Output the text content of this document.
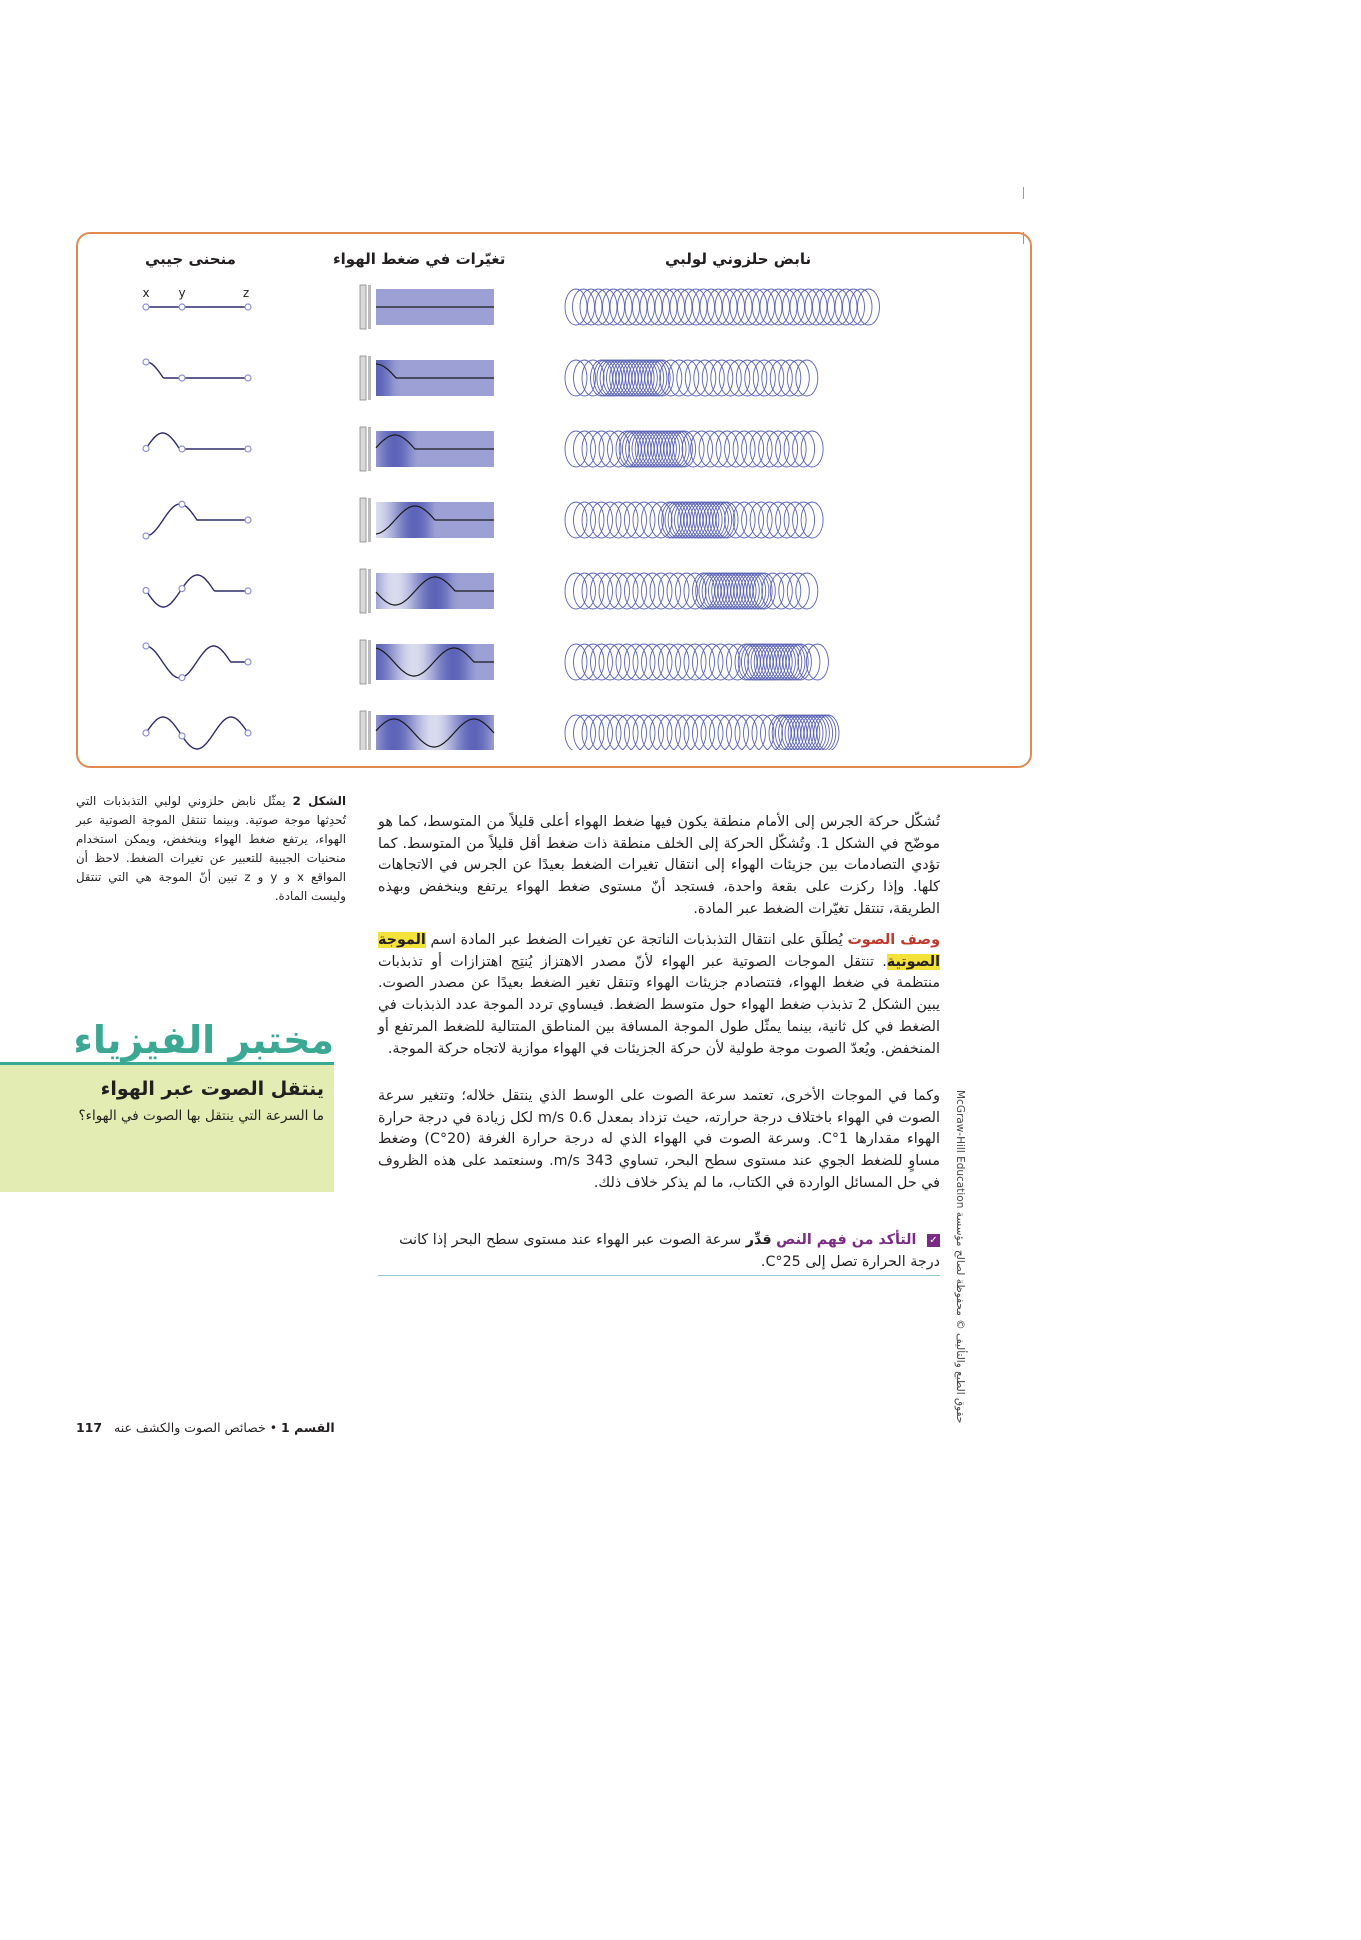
منحنى جيبي	تغيّرات في ضغط الهواء	نابض حلزوني لولبي
x y	z
الشكل 2 يمثّل نابض حلزوني لولبي التذبذبات التي تُحدِثها موجة صوتية. وبينما تنتقل الموجة الصوتية عبر الهواء، يرتفع ضغط الهواء وينخفض، ويمكن استخدام منحنيات الجيبية للتعبير عن تغيرات الضغط. لاحظ أن المواقع x و y و z تبين أنّ الموجة هي التي تنتقل وليست المادة.
مختبر الفيزياء
ينتقل الصوت عبر الهواء
ما السرعة التي ينتقل بها الصوت في الهواء؟
تُشكّل حركة الجرس إلى الأمام منطقة يكون فيها ضغط الهواء أعلى قليلاً من المتوسط، كما هو موضّح في الشكل 1. وتُشكّل الحركة إلى الخلف منطقة ذات ضغط أقل قليلاً من المتوسط. كما تؤدي التصادمات بين جزيئات الهواء إلى انتقال تغيرات الضغط بعيدًا عن الجرس في الاتجاهات كلها. وإذا ركزت على بقعة واحدة، فستجد أنّ مستوى ضغط الهواء يرتفع وينخفض وبهذه الطريقة، تنتقل تغيّرات الضغط عبر المادة.
وصف الصوت يُطلَق على انتقال التذبذبات الناتجة عن تغيرات الضغط عبر المادة اسم الموجة الصوتية. تنتقل الموجات الصوتية عبر الهواء لأنّ مصدر الاهتزاز يُنتِج اهتزازات أو تذبذبات منتظمة في ضغط الهواء، فتتصادم جزيئات الهواء وتنقل تغير الضغط بعيدًا عن مصدر الصوت. يبين الشكل 2 تذبذب ضغط الهواء حول متوسط الضغط. فيساوي تردد الموجة عدد الذبذبات في الضغط في كل ثانية، بينما يمثّل طول الموجة المسافة بين المناطق المتتالية للضغط المرتفع أو المنخفض. ويُعدّ الصوت موجة طولية لأن حركة الجزيئات في الهواء موازية لاتجاه حركة الموجة.
وكما في الموجات الأخرى، تعتمد سرعة الصوت على الوسط الذي ينتقل خلاله؛ وتتغير سرعة الصوت في الهواء باختلاف درجة حرارته، حيث تزداد بمعدل 0.6 m/s لكل زيادة في درجة حرارة الهواء مقدارها 1°C. وسرعة الصوت في الهواء الذي له درجة حرارة الغرفة (20°C) وضغط مساوٍ للضغط الجوي عند مستوى سطح البحر، تساوي 343 m/s. وسنعتمد على هذه الظروف في حل المسائل الواردة في الكتاب، ما لم يذكر خلاف ذلك.
✓ التأكد من فهم النص قدِّر سرعة الصوت عبر الهواء عند مستوى سطح البحر إذا كانت درجة الحرارة تصل إلى 25°C.
حقوق الطبع والتأليف © محفوظة لصالح مؤسسة McGraw-Hill Education
القسم 1 • خصائص الصوت والكشف عنه   117
